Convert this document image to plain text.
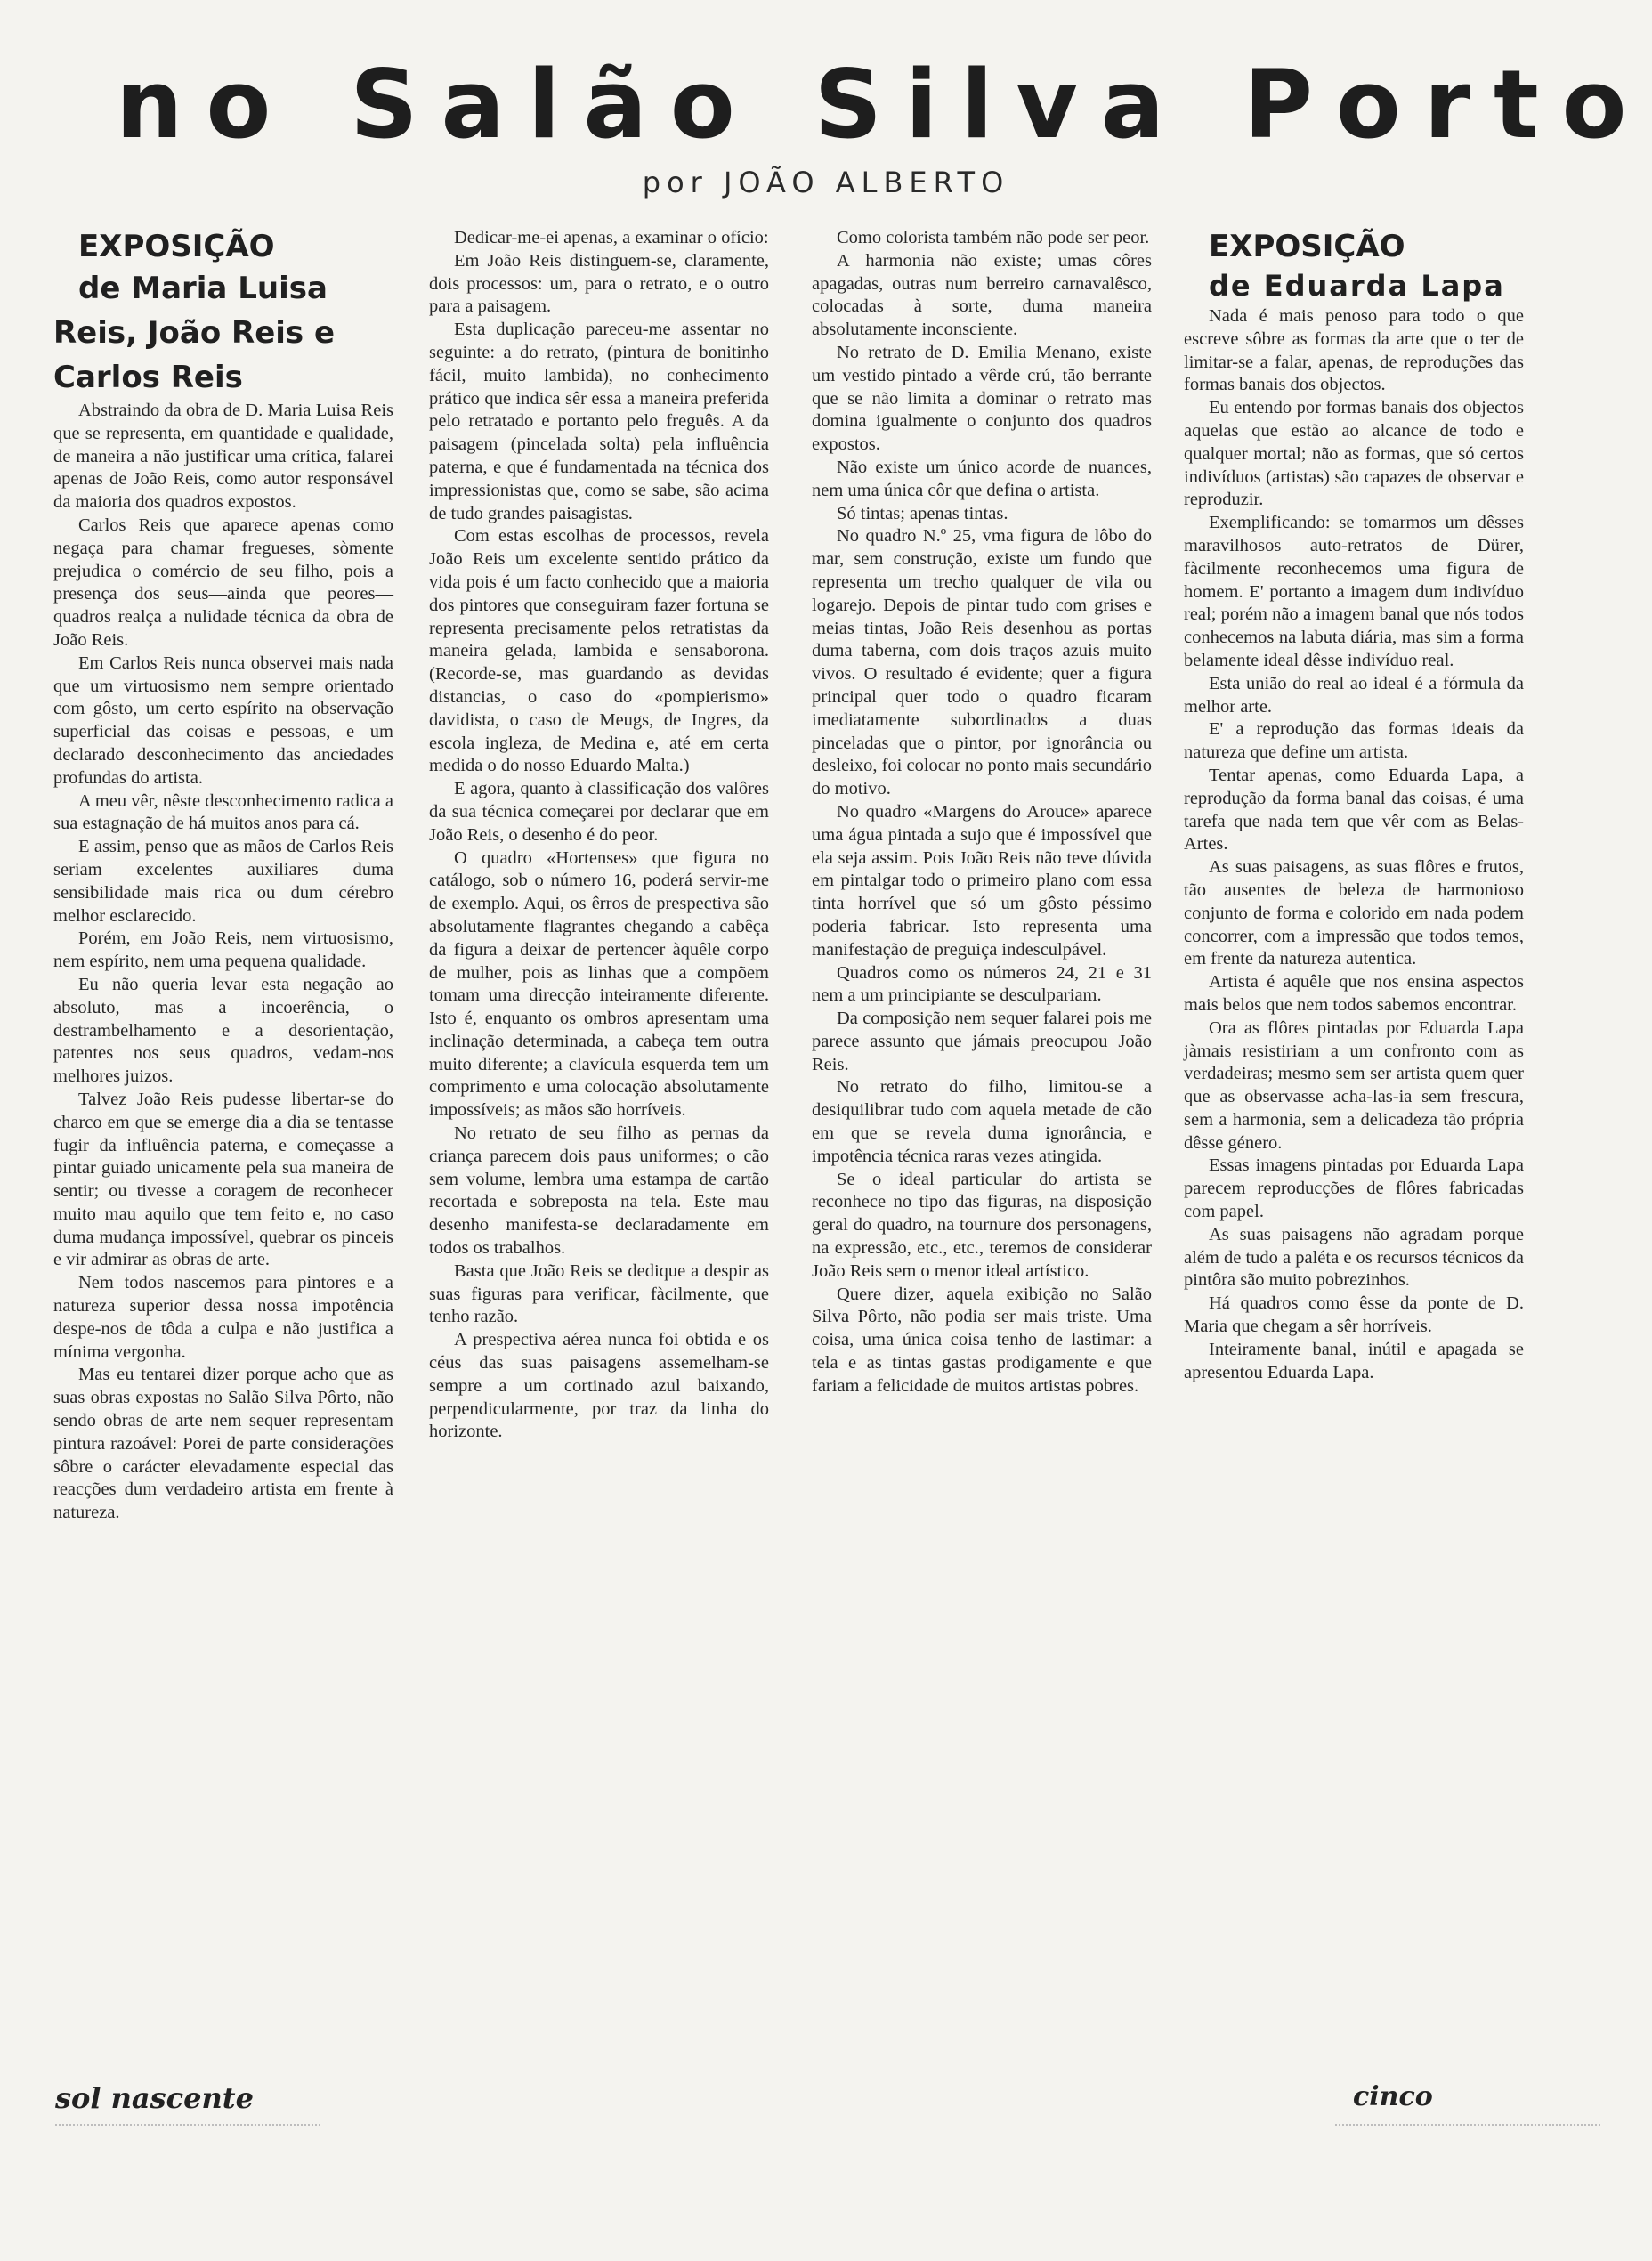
no Salão Silva Porto

por JOÃO ALBERTO

EXPOSIÇÃO

de Maria Luisa Reis, João Reis e Carlos Reis

Abstraindo da obra de D. Maria Luisa Reis que se representa, em quantidade e qualidade, de maneira a não justificar uma crítica, falarei apenas de João Reis, como autor responsável da maioria dos quadros expostos.

Carlos Reis que aparece apenas como negaça para chamar fregueses, sòmente prejudica o comércio de seu filho, pois a presença dos seus—ainda que peores—quadros realça a nulidade técnica da obra de João Reis.

Em Carlos Reis nunca observei mais nada que um virtuosismo nem sempre orientado com gôsto, um certo espírito na observação superficial das coisas e pessoas, e um declarado desconhecimento das anciedades profundas do artista.

A meu vêr, nêste desconhecimento radica a sua estagnação de há muitos anos para cá.

E assim, penso que as mãos de Carlos Reis seriam excelentes auxiliares duma sensibilidade mais rica ou dum cérebro melhor esclarecido.

Porém, em João Reis, nem virtuosismo, nem espírito, nem uma pequena qualidade.

Eu não queria levar esta negação ao absoluto, mas a incoerência, o destrambelhamento e a desorientação, patentes nos seus quadros, vedam-nos melhores juizos.

Talvez João Reis pudesse libertar-se do charco em que se emerge dia a dia se tentasse fugir da influência paterna, e começasse a pintar guiado unicamente pela sua maneira de sentir; ou tivesse a coragem de reconhecer muito mau aquilo que tem feito e, no caso duma mudança impossível, quebrar os pinceis e vir admirar as obras de arte.

Nem todos nascemos para pintores e a natureza superior dessa nossa impotência despe-nos de tôda a culpa e não justifica a mínima vergonha.

Mas eu tentarei dizer porque acho que as suas obras expostas no Salão Silva Pôrto, não sendo obras de arte nem sequer representam pintura razoável: Porei de parte considerações sôbre o carácter elevadamente especial das reacções dum verdadeiro artista em frente à natureza.

Dedicar-me-ei apenas, a examinar o ofício:

Em João Reis distinguem-se, claramente, dois processos: um, para o retrato, e o outro para a paisagem.

Esta duplicação pareceu-me assentar no seguinte: a do retrato, (pintura de bonitinho fácil, muito lambida), no conhecimento prático que indica sêr essa a maneira preferida pelo retratado e portanto pelo freguês. A da paisagem (pincelada solta) pela influência paterna, e que é fundamentada na técnica dos impressionistas que, como se sabe, são acima de tudo grandes paisagistas.

Com estas escolhas de processos, revela João Reis um excelente sentido prático da vida pois é um facto conhecido que a maioria dos pintores que conseguiram fazer fortuna se representa precisamente pelos retratistas da maneira gelada, lambida e sensaborona. (Recorde-se, mas guardando as devidas distancias, o caso do «pompierismo» davidista, o caso de Meugs, de Ingres, da escola ingleza, de Medina e, até em certa medida o do nosso Eduardo Malta.)

E agora, quanto à classificação dos valôres da sua técnica começarei por declarar que em João Reis, o desenho é do peor.

O quadro «Hortenses» que figura no catálogo, sob o número 16, poderá servir-me de exemplo. Aqui, os êrros de prespectiva são absolutamente flagrantes chegando a cabêça da figura a deixar de pertencer àquêle corpo de mulher, pois as linhas que a compõem tomam uma direcção inteiramente diferente. Isto é, enquanto os ombros apresentam uma inclinação determinada, a cabeça tem outra muito diferente; a clavícula esquerda tem um comprimento e uma colocação absolutamente impossíveis; as mãos são horríveis.

No retrato de seu filho as pernas da criança parecem dois paus uniformes; o cão sem volume, lembra uma estampa de cartão recortada e sobreposta na tela. Este mau desenho manifesta-se declaradamente em todos os trabalhos.

Basta que João Reis se dedique a despir as suas figuras para verificar, fàcilmente, que tenho razão.

A prespectiva aérea nunca foi obtida e os céus das suas paisagens assemelham-se sempre a um cortinado azul baixando, perpendicularmente, por traz da linha do horizonte.

Como colorista também não pode ser peor.

A harmonia não existe; umas côres apagadas, outras num berreiro carnavalêsco, colocadas à sorte, duma maneira absolutamente inconsciente.

No retrato de D. Emilia Menano, existe um vestido pintado a vêrde crú, tão berrante que se não limita a dominar o retrato mas domina igualmente o conjunto dos quadros expostos.

Não existe um único acorde de nuances, nem uma única côr que defina o artista.

Só tintas; apenas tintas.

No quadro N.º 25, vma figura de lôbo do mar, sem construção, existe um fundo que representa um trecho qualquer de vila ou logarejo. Depois de pintar tudo com grises e meias tintas, João Reis desenhou as portas duma taberna, com dois traços azuis muito vivos. O resultado é evidente; quer a figura principal quer todo o quadro ficaram imediatamente subordinados a duas pinceladas que o pintor, por ignorância ou desleixo, foi colocar no ponto mais secundário do motivo.

No quadro «Margens do Arouce» aparece uma água pintada a sujo que é impossível que ela seja assim. Pois João Reis não teve dúvida em pintalgar todo o primeiro plano com essa tinta horrível que só um gôsto péssimo poderia fabricar. Isto representa uma manifestação de preguiça indesculpável.

Quadros como os números 24, 21 e 31 nem a um principiante se desculpariam.

Da composição nem sequer falarei pois me parece assunto que jámais preocupou João Reis.

No retrato do filho, limitou-se a desiquilibrar tudo com aquela metade de cão em que se revela duma ignorância, e impotência técnica raras vezes atingida.

Se o ideal particular do artista se reconhece no tipo das figuras, na disposição geral do quadro, na tournure dos personagens, na expressão, etc., etc., teremos de considerar João Reis sem o menor ideal artístico.

Quere dizer, aquela exibição no Salão Silva Pôrto, não podia ser mais triste. Uma coisa, uma única coisa tenho de lastimar: a tela e as tintas gastas prodigamente e que fariam a felicidade de muitos artistas pobres.

EXPOSIÇÃO

de Eduarda Lapa

Nada é mais penoso para todo o que escreve sôbre as formas da arte que o ter de limitar-se a falar, apenas, de reproduções das formas banais dos objectos.

Eu entendo por formas banais dos objectos aquelas que estão ao alcance de todo e qualquer mortal; não as formas, que só certos indivíduos (artistas) são capazes de observar e reproduzir.

Exemplificando: se tomarmos um dêsses maravilhosos auto-retratos de Dürer, fàcilmente reconhecemos uma figura de homem. E' portanto a imagem dum indivíduo real; porém não a imagem banal que nós todos conhecemos na labuta diária, mas sim a forma belamente ideal dêsse indivíduo real.

Esta união do real ao ideal é a fórmula da melhor arte.

E' a reprodução das formas ideais da natureza que define um artista.

Tentar apenas, como Eduarda Lapa, a reprodução da forma banal das coisas, é uma tarefa que nada tem que vêr com as Belas-Artes.

As suas paisagens, as suas flôres e frutos, tão ausentes de beleza de harmonioso conjunto de forma e colorido em nada podem concorrer, com a impressão que todos temos, em frente da natureza autentica.

Artista é aquêle que nos ensina aspectos mais belos que nem todos sabemos encontrar.

Ora as flôres pintadas por Eduarda Lapa jàmais resistiriam a um confronto com as verdadeiras; mesmo sem ser artista quem quer que as observasse acha-las-ia sem frescura, sem a harmonia, sem a delicadeza tão própria dêsse género.

Essas imagens pintadas por Eduarda Lapa parecem reproducções de flôres fabricadas com papel.

As suas paisagens não agradam porque além de tudo a paléta e os recursos técnicos da pintôra são muito pobrezinhos.

Há quadros como êsse da ponte de D. Maria que chegam a sêr horríveis.

Inteiramente banal, inútil e apagada se apresentou Eduarda Lapa.

sol nascente	cinco
